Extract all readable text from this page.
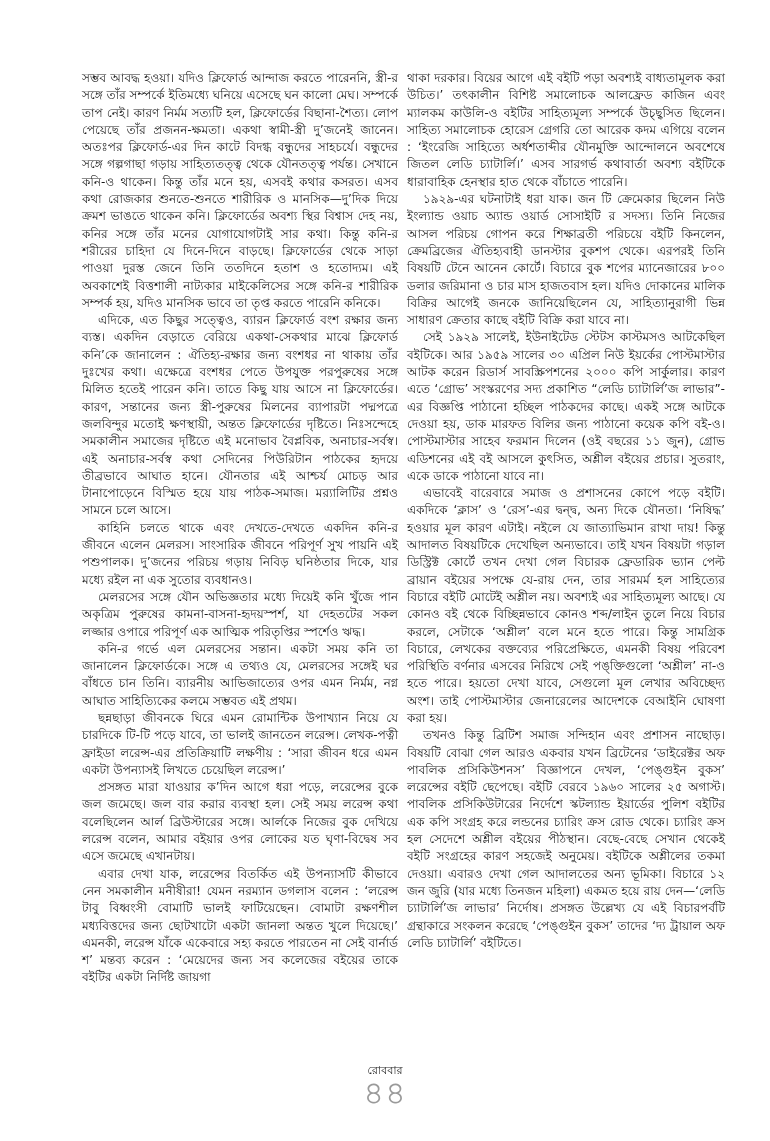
সম্ভব আবদ্ধ হওয়া। যদিও ক্লিফোর্ড আন্দাজ করতে পারেননি, স্ত্রী-র সঙ্গে তাঁর সম্পর্কে ইতিমধ্যে ঘনিয়ে এসেছে ঘন কালো মেঘ। সম্পর্কে তাপ নেই। কারণ নির্মম সত্যটি হল, ক্লিফোর্ডের বিছানা-শৈত্য। লোপ পেয়েছে তাঁর প্রজনন-ক্ষমতা। একথা স্বামী-স্ত্রী দু’জনেই জানেন। অতঃপর ক্লিফোর্ড-এর দিন কাটে বিদগ্ধ বন্ধুদের সাহচর্যে। বন্ধুদের সঙ্গে গল্পগাছা গড়ায় সাহিত্যতত্ত্ব থেকে যৌনতত্ত্ব পর্যন্ত। সেখানে কনি-ও থাকেন। কিন্তু তাঁর মনে হয়, এসবই কথার কসরত। এসব কথা রোজকার শুনতে-শুনতে শারীরিক ও মানসিক—দু’দিক দিয়ে ক্রমশ ভাঙতে থাকেন কনি। ক্লিফোর্ডের অবশ্য স্থির বিশ্বাস দেহ নয়, কনির সঙ্গে তাঁর মনের যোগাযোগটাই সার কথা। কিন্তু কনি-র শরীরের চাহিদা যে দিনে-দিনে বাড়ছে। ক্লিফোর্ডের থেকে সাড়া পাওয়া দুরস্ত জেনে তিনি ততদিনে হতাশ ও হতোদ্যম। এই অবকাশেই বিত্তশালী নাট্যকার মাইকেলিসের সঙ্গে কনি-র শারীরিক সম্পর্ক হয়, যদিও মানসিক ভাবে তা তৃপ্ত করতে পারেনি কনিকে।

এদিকে, এত কিছুর সত্ত্বেও, ব্যারন ক্লিফোর্ড বংশ রক্ষার জন্য ব্যস্ত। একদিন বেড়াতে বেরিয়ে একথা-সেকথার মাঝে ক্লিফোর্ড কনি’কে জানালেন : ঐতিহ্য-রক্ষার জন্য বংশধর না থাকায় তাঁর দুঃখের কথা। এক্ষেত্রে বংশধর পেতে উপযুক্ত পরপুরুষের সঙ্গে মিলিত হতেই পারেন কনি। তাতে কিছু যায় আসে না ক্লিফোর্ডের। কারণ, সন্তানের জন্য স্ত্রী-পুরুষের মিলনের ব্যাপারটা পদ্মপত্রে জলবিন্দুর মতোই ক্ষণস্থায়ী, অন্তত ক্লিফোর্ডের দৃষ্টিতে। নিঃসন্দেহে সমকালীন সমাজের দৃষ্টিতে এই মনোভাব বৈপ্লবিক, অনাচার-সর্বস্ব। এই অনাচার-সর্বস্ব কথা সেদিনের পিউরিটান পাঠকের হৃদয়ে তীব্রভাবে আঘাত হানে। যৌনতার এই আশ্চর্য মোচড় আর টানাপোড়েনে বিস্মিত হয়ে যায় পাঠক-সমাজ। মর‍্যালিটির প্রশ্নও সামনে চলে আসে।

কাহিনি চলতে থাকে এবং দেখতে-দেখতে একদিন কনি-র জীবনে এলেন মেলরস। সাংসারিক জীবনে পরিপূর্ণ সুখ পায়নি এই পশুপালক। দু’জনের পরিচয় গড়ায় নিবিড় ঘনিষ্ঠতার দিকে, যার মধ্যে রইল না এক সুতোর ব্যবধানও।

মেলরসের সঙ্গে যৌন অভিজ্ঞতার মধ্যে দিয়েই কনি খুঁজে পান অকৃত্রিম পুরুষের কামনা-বাসনা-হৃদয়স্পর্শ, যা দেহতটের সকল লজ্জার ওপারে পরিপূর্ণ এক আত্মিক পরিতৃপ্তির স্পর্শেও ঋদ্ধ।

কনি-র গর্ভে এল মেলরসের সন্তান। একটা সময় কনি তা জানালেন ক্লিফোর্ডকে। সঙ্গে এ তথ্যও যে, মেলরসের সঙ্গেই ঘর বাঁধতে চান তিনি। ব্যারনীয় আভিজাত্যের ওপর এমন নির্মম, নগ্ন আঘাত সাহিত্যিকের কলমে সম্ভবত এই প্রথম।

ছন্নছাড়া জীবনকে ঘিরে এমন রোমান্টিক উপাখ্যান নিয়ে যে চারদিকে টি-টি পড়ে যাবে, তা ভালই জানতেন লরেন্স। লেখক-পত্নী ফ্রাইডা লরেন্স-এর প্রতিক্রিয়াটি লক্ষণীয় : ‘সারা জীবন ধরে এমন একটা উপন্যাসই লিখতে চেয়েছিল লরেন্স।’

প্রসঙ্গত মারা যাওয়ার ক’দিন আগে ধরা পড়ে, লরেন্সের বুকে জল জমেছে। জল বার করার ব্যবস্থা হল। সেই সময় লরেন্স কথা বলেছিলেন আর্ল ব্রিউস্টারের সঙ্গে। আর্লকে নিজের বুক দেখিয়ে লরেন্স বলেন, আমার বইয়ার ওপর লোকের যত ঘৃণা-বিদ্বেষ সব এসে জমেছে এখানটায়।

এবার দেখা যাক, লরেন্সের বিতর্কিত এই উপন্যাসটি কীভাবে নেন সমকালীন মনীষীরা! যেমন নরম্যান ডগলাস বলেন : ‘লরেন্স টাবু বিধ্বংসী বোমাটি ভালই ফাটিয়েছেন। বোমাটা রক্ষণশীল মধ্যবিত্তদের জন্য ছোটখাটো একটা জানলা অন্তত খুলে দিয়েছে।’ এমনকী, লরেন্স যাঁকে একেবারে সহ্য করতে পারতেন না সেই বার্নার্ড শ’ মন্তব্য করেন : ‘মেয়েদের জন্য সব কলেজের বইয়ের তাকে বইটির একটা নির্দিষ্ট জায়গা

থাকা দরকার। বিয়ের আগে এই বইটি পড়া অবশ্যই বাধ্যতামূলক করা উচিত।’ তৎকালীন বিশিষ্ট সমালোচক আলফ্রেড কাজিন এবং ম্যালকম কাউলি-ও বইটির সাহিত্যমূল্য সম্পর্কে উচ্ছ্বসিত ছিলেন। সাহিত্য সমালোচক হোরেস গ্রেগরি তো আরেক কদম এগিয়ে বলেন : ‘ইংরেজি সাহিত্যে অর্ধশতাব্দীর যৌনমুক্তি আন্দোলনে অবশেষে জিতল লেডি চ্যাটার্লি।’ এসব সারগর্ভ কথাবার্তা অবশ্য বইটিকে ধারাবাহিক হেনস্থার হাত থেকে বাঁচাতে পারেনি।

১৯২৯-এর ঘটনাটাই ধরা যাক। জন টি ক্রেমেকার ছিলেন নিউ ইংল্যান্ড ওয়াচ অ্যান্ড ওয়ার্ড সোসাইটি র সদস্য। তিনি নিজের আসল পরিচয় গোপন করে শিক্ষাব্রতী পরিচয়ে বইটি কিনলেন, ক্রেমব্রিজের ঐতিহ্যবাহী ডানস্টার বুকশপ থেকে। এরপরই তিনি বিষয়টি টেনে আনেন কোর্টে। বিচারে বুক শপের ম্যানেজারের ৮০০ ডলার জরিমানা ও চার মাস হাজতবাস হল। যদিও দোকানের মালিক বিক্রির আগেই জনকে জানিয়েছিলেন যে, সাহিত্যানুরাগী ভিন্ন সাধারণ ক্রেতার কাছে বইটি বিক্রি করা যাবে না।

সেই ১৯২৯ সালেই, ইউনাইটেড স্টেটস কাস্টমসও আটকেছিল বইটিকে। আর ১৯৫৯ সালের ৩০ এপ্রিল নিউ ইয়র্কের পোস্টমাস্টার আটক করেন রিডার্স সাবস্ক্রিপশনের ২০০০ কপি সার্কুলার। কারণ এতে ‘গ্রোভ’ সংস্করণের সদ্য প্রকাশিত “লেডি চ্যাটার্লি’জ লাভার”-এর বিজ্ঞপ্তি পাঠানো হচ্ছিল পাঠকদের কাছে। একই সঙ্গে আটকে দেওয়া হয়, ডাক মারফত বিলির জন্য পাঠানো কয়েক কপি বই-ও। পোস্টমাস্টার সাহেব ফরমান দিলেন (ওই বছরের ১১ জুন), গ্রোভ এডিশনের এই বই আসলে কুৎসিত, অশ্লীল বইয়ের প্রচার। সুতরাং, একে ডাকে পাঠানো যাবে না।

এভাবেই বারেবারে সমাজ ও প্রশাসনের কোপে পড়ে বইটি। একদিকে ‘ক্লাস’ ও ‘রেস’-এর দ্বন্দ্ব, অন্য দিকে যৌনতা। ‘নিষিদ্ধ’ হওয়ার মূল কারণ এটাই। নইলে যে জাত্যাভিমান রাখা দায়! কিন্তু আদালত বিষয়টিকে দেখেছিল অন্যভাবে। তাই যখন বিষয়টা গড়াল ডিস্ট্রিক্ট কোর্টে তখন দেখা গেল বিচারক ফ্রেডারিক ভ্যান পেল্ট ব্রায়ান বইয়ের সপক্ষে যে-রায় দেন, তার সারমর্ম হল সাহিত্যের বিচারে বইটি মোটেই অশ্লীল নয়। অবশ্যই এর সাহিত্যমূল্য আছে। যে কোনও বই থেকে বিচ্ছিন্নভাবে কোনও শব্দ/লাইন তুলে নিয়ে বিচার করলে, সেটাকে ‘অশ্লীল’ বলে মনে হতে পারে। কিন্তু সামগ্রিক বিচারে, লেখকের বক্তব্যের পরিপ্রেক্ষিতে, এমনকী বিষয় পরিবেশ পরিস্থিতি বর্ণনার এসবের নিরিখে সেই পঙ্‌ক্তিগুলো ‘অশ্লীল’ না-ও হতে পারে। হয়তো দেখা যাবে, সেগুলো মূল লেখার অবিচ্ছেদ্য অংশ। তাই পোস্টমাস্টার জেনারেলের আদেশকে বেআইনি ঘোষণা করা হয়।

তখনও কিন্তু ব্রিটিশ সমাজ সন্দিহান এবং প্রশাসন নাছোড়। বিষয়টি বোঝা গেল আরও একবার যখন ব্রিটেনের ‘ডাইরেক্টর অফ পাবলিক প্রসিকিউশনস’ বিজ্ঞাপনে দেখল, ‘পেঙ্গুইন বুকস’ লরেন্সের বইটি ছেপেছে। বইটি বেরবে ১৯৬০ সালের ২৫ অগাস্ট। পাবলিক প্রসিকিউটারের নির্দেশে স্কটল্যান্ড ইয়ার্ডের পুলিশ বইটির এক কপি সংগ্রহ করে লন্ডনের চ্যারিং ক্রস রোড থেকে। চ্যারিং ক্রস হল সেদেশে অশ্লীল বইয়ের পীঠস্থান। বেছে-বেছে সেখান থেকেই বইটি সংগ্রহের কারণ সহজেই অনুমেয়। বইটিকে অশ্লীলের তকমা দেওয়া। এবারও দেখা গেল আদালতের অন্য ভূমিকা। বিচারে ১২ জন জুরি (যার মধ্যে তিনজন মহিলা) একমত হয়ে রায় দেন—‘লেডি চ্যাটার্লি’জ লাভার’ নির্দোষ। প্রসঙ্গত উল্লেখ্য যে এই বিচারপর্বটি গ্রন্থাকারে সংকলন করেছে ‘পেঙ্গুইন বুকস’ তাদের ‘দ্য ট্রায়াল অফ লেডি চ্যাটার্লি’ বইটিতে।

রোববার
৪৪
